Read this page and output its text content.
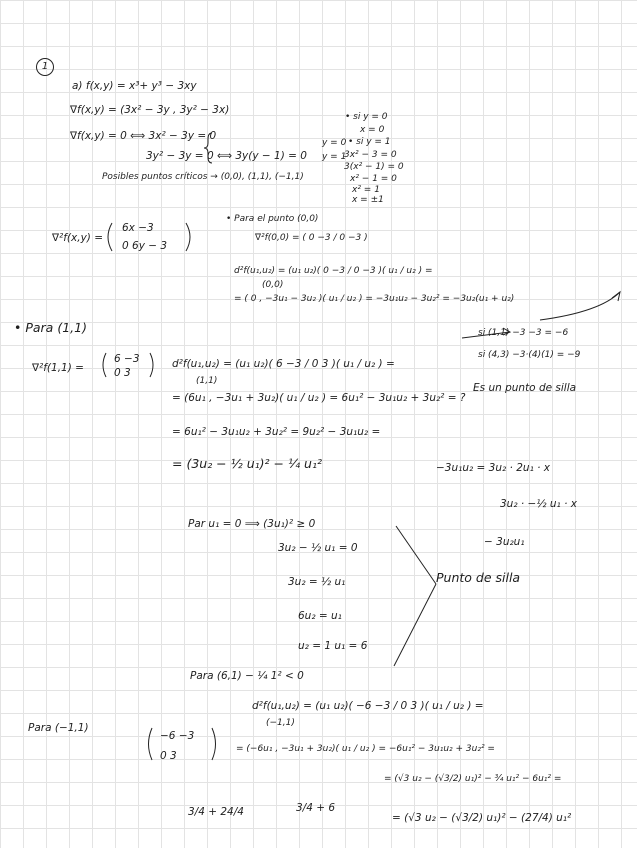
1
a) f(x,y) = x³+ y³ − 3xy
∇f(x,y) = (3x² − 3y , 3y² − 3x)
∇f(x,y) = 0 ⟺ 3x² − 3y = 0
3y² − 3y = 0 ⟺ 3y(y − 1) = 0
y = 0
y = 1
Posibles puntos críticos → (0,0), (1,1), (−1,1)
• si y = 0
x = 0
• si y = 1
3x² − 3 = 0
3(x² − 1) = 0
x² − 1 = 0
x² = 1
x = ±1
∇²f(x,y) =
6x −3
0 6y − 3
• Para el punto (0,0)
∇²f(0,0) = ( 0 −3 / 0 −3 )
d²f(u₁,u₂) = (u₁ u₂)( 0 −3 / 0 −3 )( u₁ / u₂ ) =
(0,0)
= ( 0 , −3u₁ − 3u₂ )( u₁ / u₂ ) = −3u₁u₂ − 3u₂² = −3u₂(u₁ + u₂)
si (1,1) −3 −3 = −6
si (4,3) −3·(4)(1) = −9
Es un punto de silla
• Para (1,1)
∇²f(1,1) =
6 −3
0 3
d²f(u₁,u₂) = (u₁ u₂)( 6 −3 / 0 3 )( u₁ / u₂ ) =
(1,1)
= (6u₁ , −3u₁ + 3u₂)( u₁ / u₂ ) = 6u₁² − 3u₁u₂ + 3u₂² = ?
= 6u₁² − 3u₁u₂ + 3u₂² = 9u₂² − 3u₁u₂ =
= (3u₂ − ½ u₁)² − ¼ u₁²	−3u₁u₂ = 3u₂ · 2u₁ · x
3u₂ · −½ u₁ · x
− 3u₂u₁
Par u₁ = 0 ⟹ (3u₁)² ≥ 0
3u₂ − ½ u₁ = 0
3u₂ = ½ u₁
6u₂ = u₁
u₂ = 1 u₁ = 6
Punto de silla
Para (6,1) − ¼ 1² < 0
Para (−1,1)
−6 −3
0 3
d²f(u₁,u₂) = (u₁ u₂)( −6 −3 / 0 3 )( u₁ / u₂ ) =
(−1,1)
= (−6u₁ , −3u₁ + 3u₂)( u₁ / u₂ ) = −6u₁² − 3u₁u₂ + 3u₂² =
= (√3 u₂ − (√3/2) u₁)² − ¾ u₁² − 6u₁² =
= (√3 u₂ − (√3/2) u₁)² − (27/4) u₁²
3/4 + 24/4	3/4 + 6
